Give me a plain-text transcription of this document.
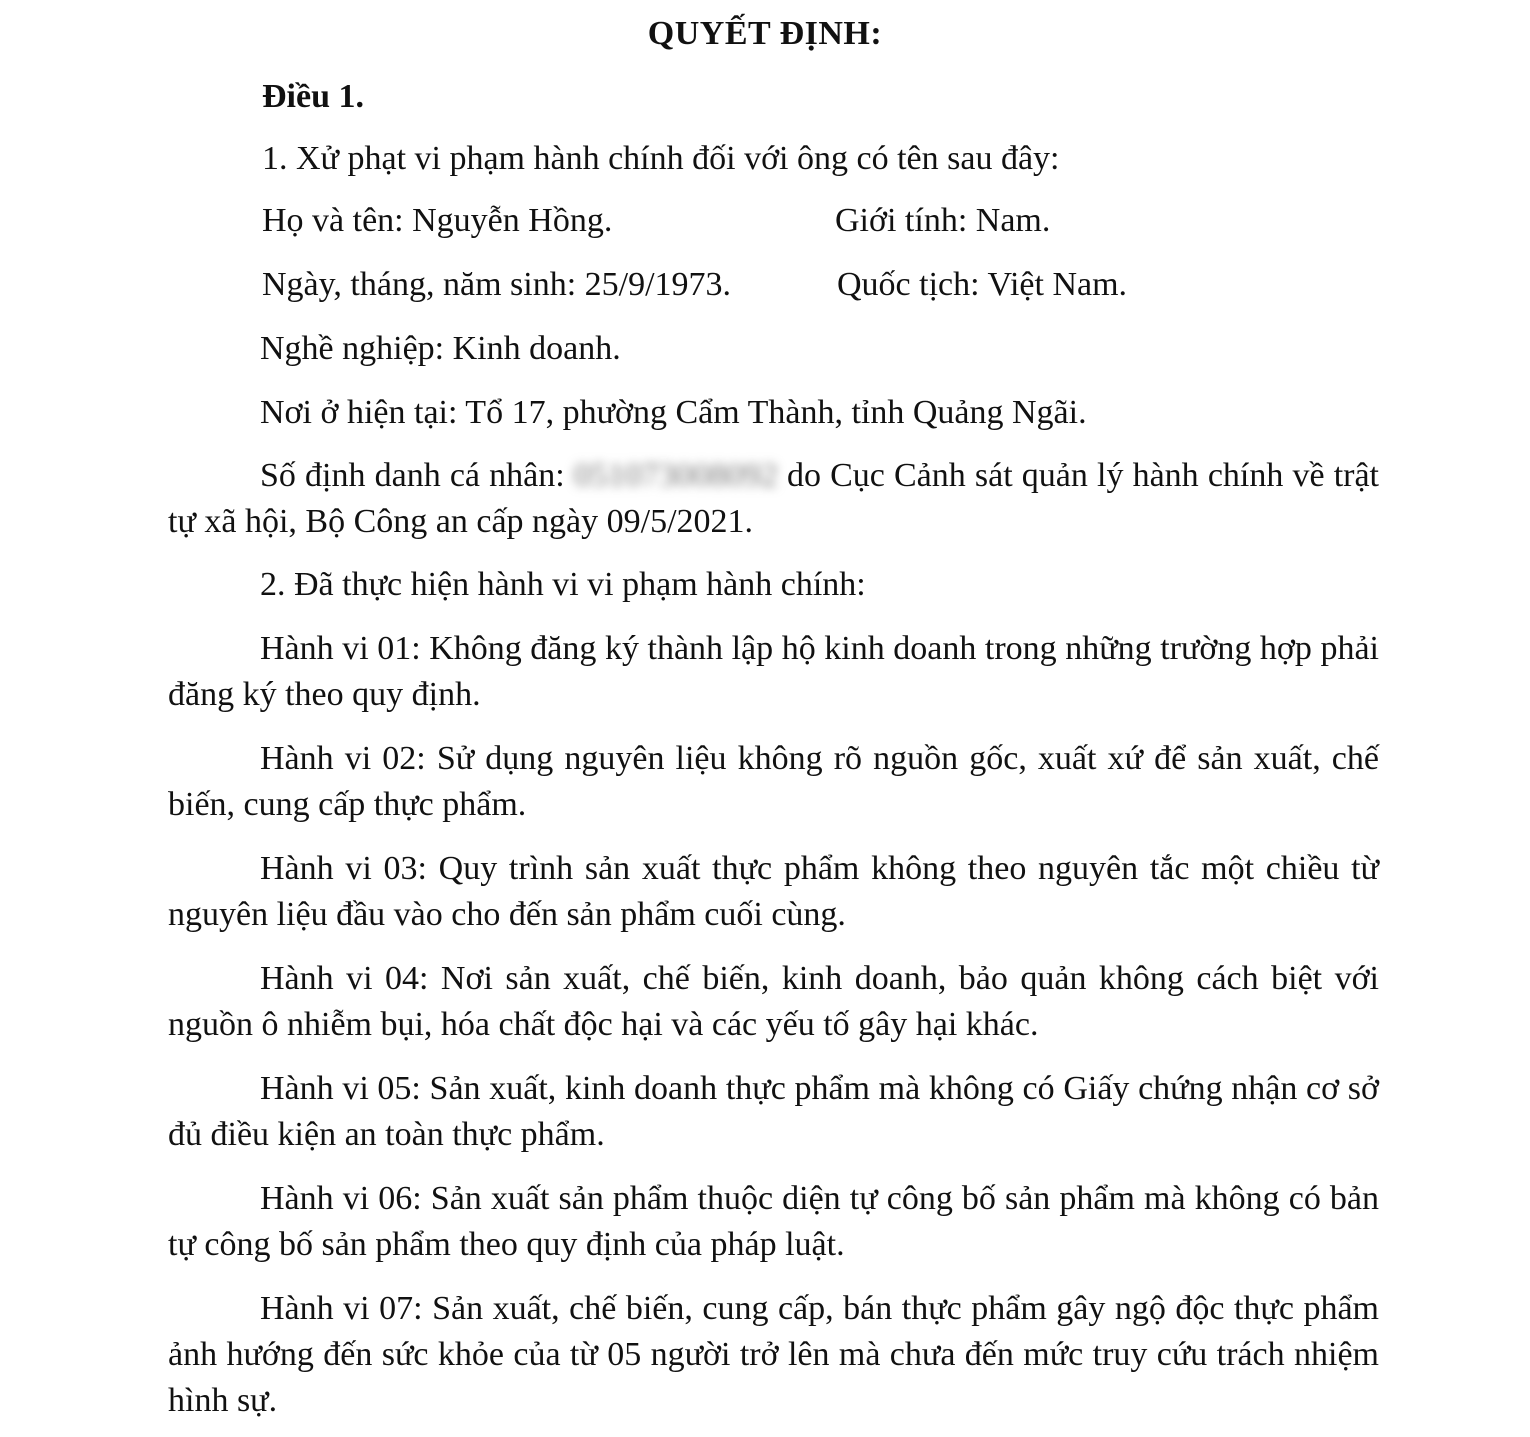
QUYẾT ĐỊNH:
Điều 1.
1. Xử phạt vi phạm hành chính đối với ông có tên sau đây:
Họ và tên: Nguyễn Hồng.	Giới tính: Nam.
Ngày, tháng, năm sinh: 25/9/1973.	Quốc tịch: Việt Nam.
Nghề nghiệp: Kinh doanh.
Nơi ở hiện tại: Tổ 17, phường Cẩm Thành, tỉnh Quảng Ngãi.
Số định danh cá nhân: 051073008092 do Cục Cảnh sát quản lý hành chính về trật tự xã hội, Bộ Công an cấp ngày 09/5/2021.
2. Đã thực hiện hành vi vi phạm hành chính:
Hành vi 01: Không đăng ký thành lập hộ kinh doanh trong những trường hợp phải đăng ký theo quy định.
Hành vi 02: Sử dụng nguyên liệu không rõ nguồn gốc, xuất xứ để sản xuất, chế biến, cung cấp thực phẩm.
Hành vi 03: Quy trình sản xuất thực phẩm không theo nguyên tắc một chiều từ nguyên liệu đầu vào cho đến sản phẩm cuối cùng.
Hành vi 04: Nơi sản xuất, chế biến, kinh doanh, bảo quản không cách biệt với nguồn ô nhiễm bụi, hóa chất độc hại và các yếu tố gây hại khác.
Hành vi 05: Sản xuất, kinh doanh thực phẩm mà không có Giấy chứng nhận cơ sở đủ điều kiện an toàn thực phẩm.
Hành vi 06: Sản xuất sản phẩm thuộc diện tự công bố sản phẩm mà không có bản tự công bố sản phẩm theo quy định của pháp luật.
Hành vi 07: Sản xuất, chế biến, cung cấp, bán thực phẩm gây ngộ độc thực phẩm ảnh hướng đến sức khỏe của từ 05 người trở lên mà chưa đến mức truy cứu trách nhiệm hình sự.
